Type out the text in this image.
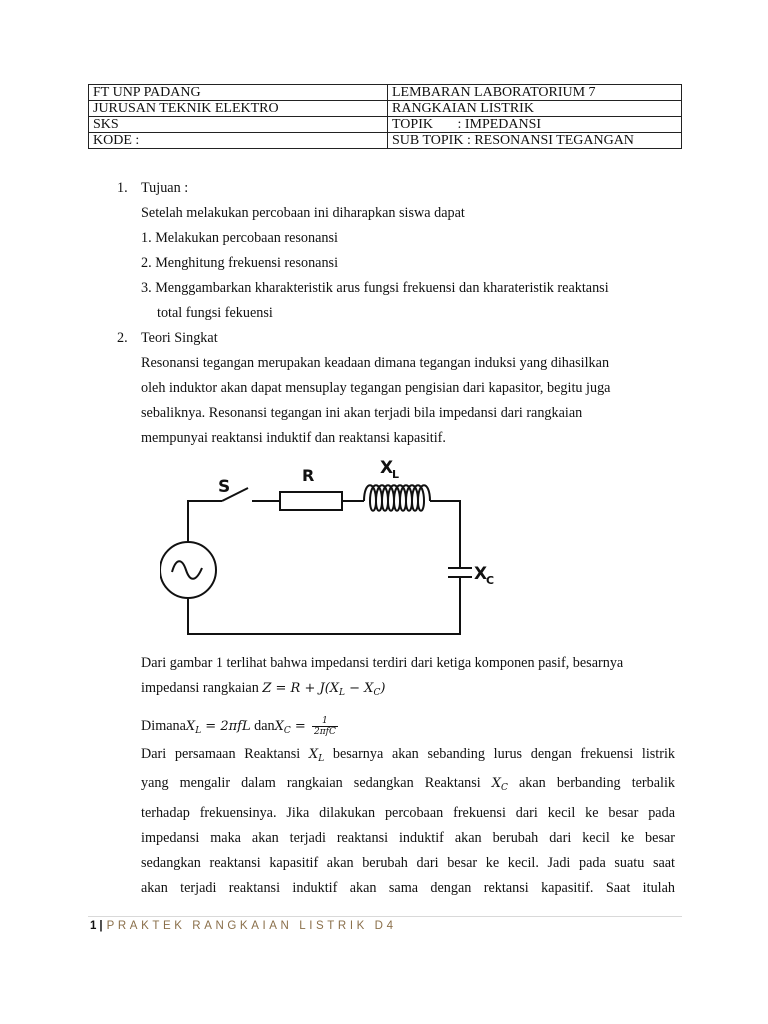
FT UNP PADANG	LEMBARAN LABORATORIUM 7
JURUSAN TEKNIK ELEKTRO	RANGKAIAN LISTRIK
SKS	TOPIK       : IMPEDANSI
KODE :	SUB TOPIK : RESONANSI TEGANGAN
1. Tujuan :
Setelah melakukan percobaan ini diharapkan siswa dapat
1. Melakukan percobaan resonansi
2. Menghitung frekuensi resonansi
3. Menggambarkan kharakteristik arus fungsi frekuensi dan kharateristik reaktansi
total fungsi fekuensi
2. Teori Singkat
Resonansi tegangan merupakan keadaan dimana tegangan induksi yang dihasilkan
oleh induktor akan dapat mensuplay tegangan pengisian dari kapasitor, begitu juga
sebaliknya. Resonansi tegangan ini akan terjadi bila impedansi dari rangkaian
mempunyai reaktansi induktif dan reaktansi kapasitif.
S
R	X
L
X
C
Dari gambar 1 terlihat bahwa impedansi terdiri dari ketiga komponen pasif, besarnya
impedansi rangkaian $Z = R + J(X_L - X_C)$
DimanaX$_L$ = 2πfL danX$_C$ = $\frac{1}{\text{2πfC}}$
Dari persamaan Reaktansi $X_L$ besarnya akan sebanding lurus dengan frekuensi listrik
yang mengalir dalam rangkaian sedangkan Reaktansi $X_C$ akan berbanding terbalik
terhadap frekuensinya. Jika dilakukan percobaan frekuensi dari kecil ke besar pada
impedansi maka akan terjadi reaktansi induktif akan berubah dari kecil ke besar
sedangkan reaktansi kapasitif akan berubah dari besar ke kecil. Jadi pada suatu saat
akan terjadi reaktansi induktif akan sama dengan rektansi kapasitif. Saat itulah
1 | PRAKTEK RANGKAIAN LISTRIK D4
